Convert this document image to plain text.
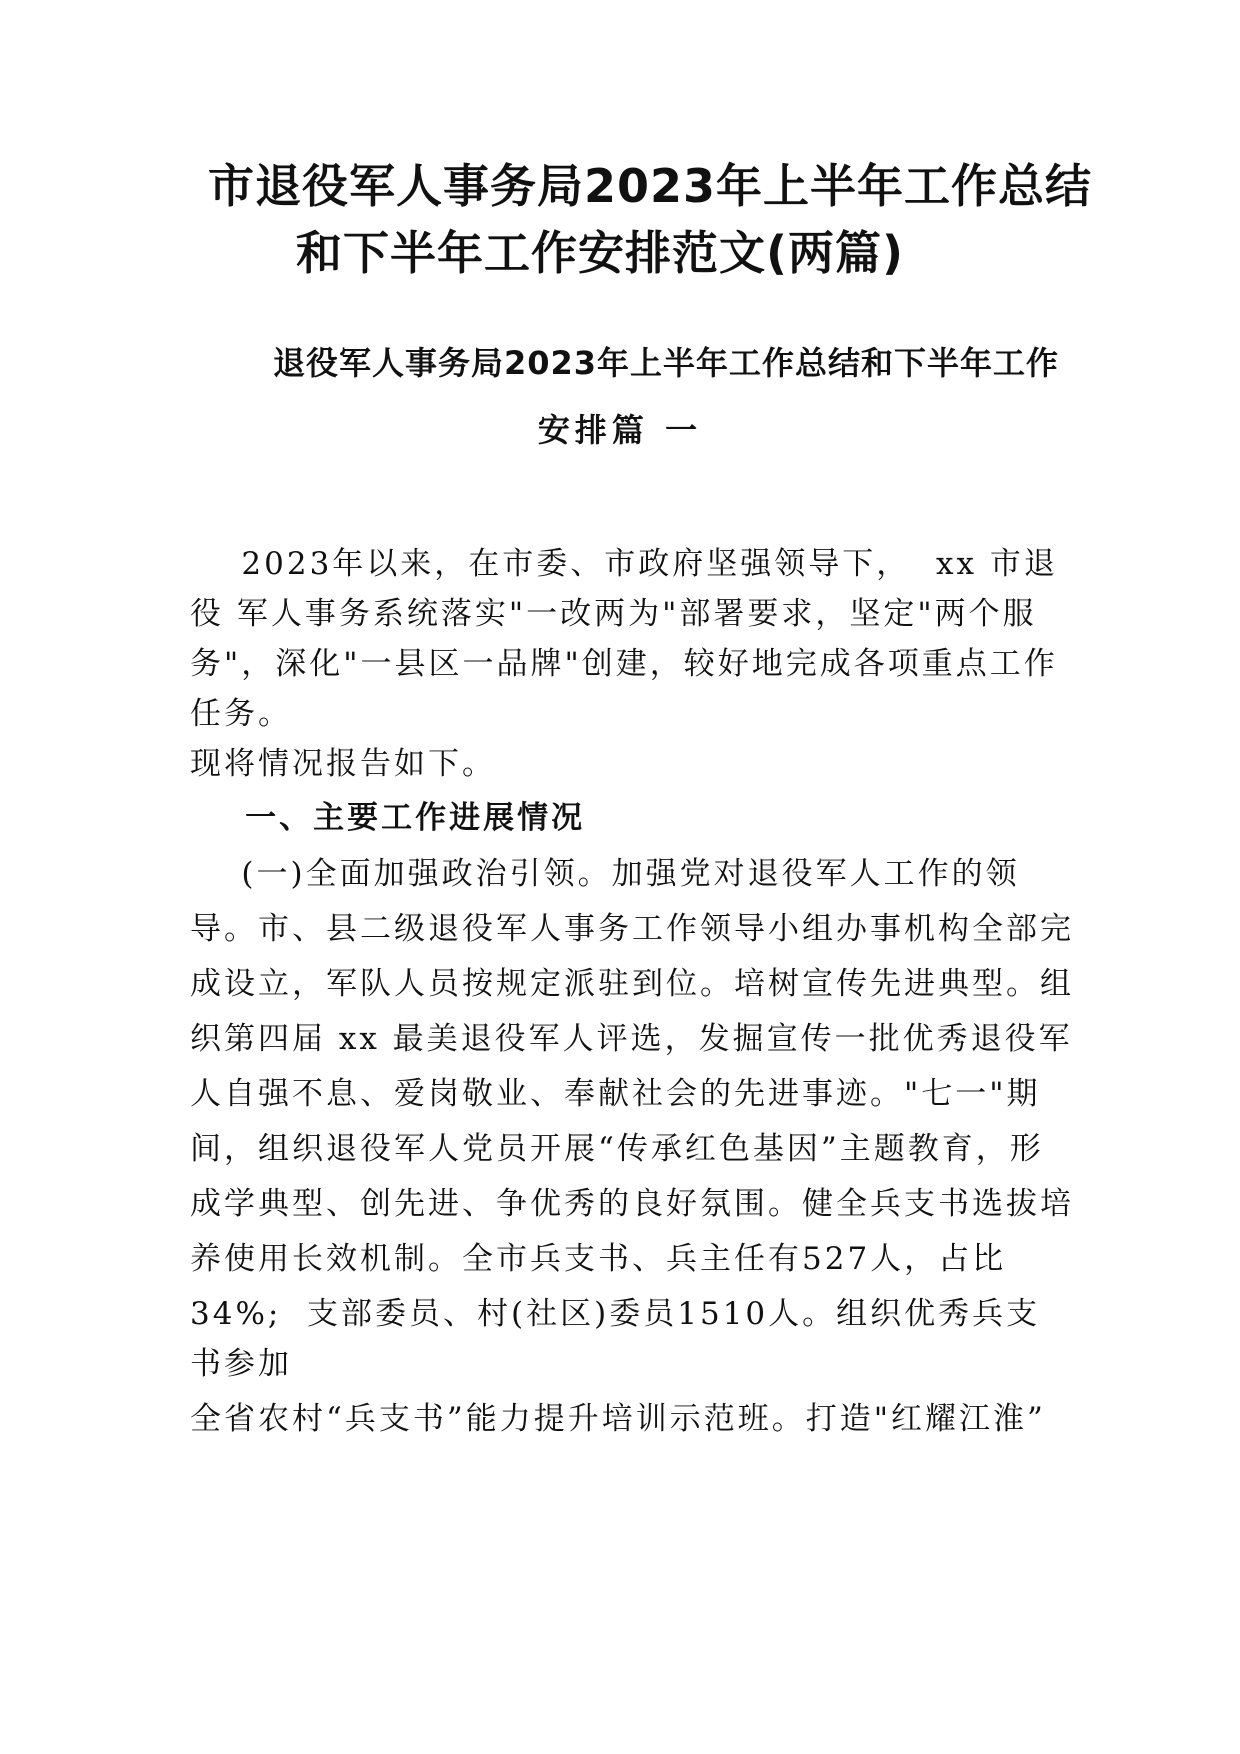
市退役军人事务局2023年上半年工作总结
和下半年工作安排范文(两篇)
退役军人事务局2023年上半年工作总结和下半年工作
安排篇 一

2023年以来，在市委、市政府坚强领导下，  xx 市退

役 军人事务系统落实"一改两为"部署要求，坚定"两个服

务"，深化"一县区一品牌"创建，较好地完成各项重点工作

任务。

现将情况报告如下。

一、主要工作进展情况

(一)全面加强政治引领。加强党对退役军人工作的领

导。市、县二级退役军人事务工作领导小组办事机构全部完

成设立，军队人员按规定派驻到位。培树宣传先进典型。组

织第四届 xx 最美退役军人评选，发掘宣传一批优秀退役军

人自强不息、爱岗敬业、奉献社会的先进事迹。"七一"期

间，组织退役军人党员开展“传承红色基因”主题教育，形

成学典型、创先进、争优秀的良好氛围。健全兵支书选拔培

养使用长效机制。全市兵支书、兵主任有527人，占比

34%;  支部委员、村(社区)委员1510人。组织优秀兵支

书参加

全省农村“兵支书”能力提升培训示范班。打造"红耀江淮”
